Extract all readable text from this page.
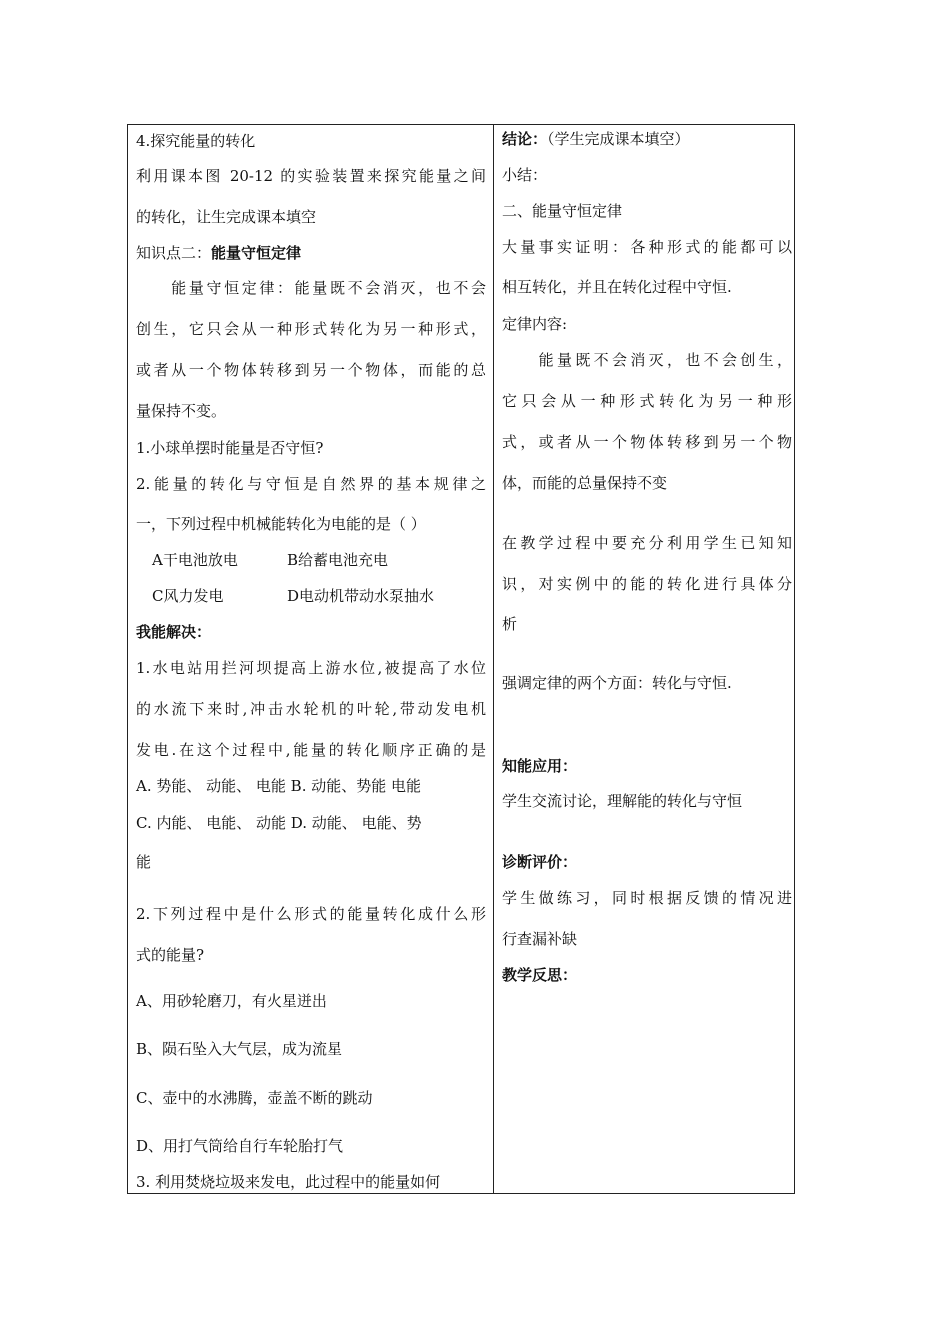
4.探究能量的转化
利用课本图 20-12 的实验装置来探究能量之间
的转化，让生完成课本填空
知识点二：能量守恒定律
　　能量守恒定律：能量既不会消灭，也不会
创生，它只会从一种形式转化为另一种形式，
或者从一个物体转移到另一个物体，而能的总
量保持不变。
1.小球单摆时能量是否守恒?
2.能量的转化与守恒是自然界的基本规律之
一，下列过程中机械能转化为电能的是（ ）
A干电池放电	B给蓄电池充电
C风力发电	D电动机带动水泵抽水
我能解决：
1.水电站用拦河坝提高上游水位,被提高了水位
的水流下来时,冲击水轮机的叶轮,带动发电机
发电.在这个过程中,能量的转化顺序正确的是
A. 势能、 动能、 电能 B. 动能、势能 电能
C. 内能、 电能、 动能 D. 动能、 电能、势
能
2.下列过程中是什么形式的能量转化成什么形
式的能量?
A、用砂轮磨刀，有火星迸出
B、陨石坠入大气层，成为流星
C、壶中的水沸腾，壶盖不断的跳动
D、用打气筒给自行车轮胎打气
3. 利用焚烧垃圾来发电，此过程中的能量如何
结论：（学生完成课本填空）
小结：
二、能量守恒定律
大量事实证明：各种形式的能都可以
相互转化，并且在转化过程中守恒.
定律内容:
　　能量既不会消灭，也不会创生，
它只会从一种形式转化为另一种形
式，或者从一个物体转移到另一个物
体，而能的总量保持不变
在教学过程中要充分利用学生已知知
识，对实例中的能的转化进行具体分
析
强调定律的两个方面：转化与守恒.
知能应用：
学生交流讨论，理解能的转化与守恒
诊断评价：
学生做练习，同时根据反馈的情况进
行查漏补缺
教学反思：
